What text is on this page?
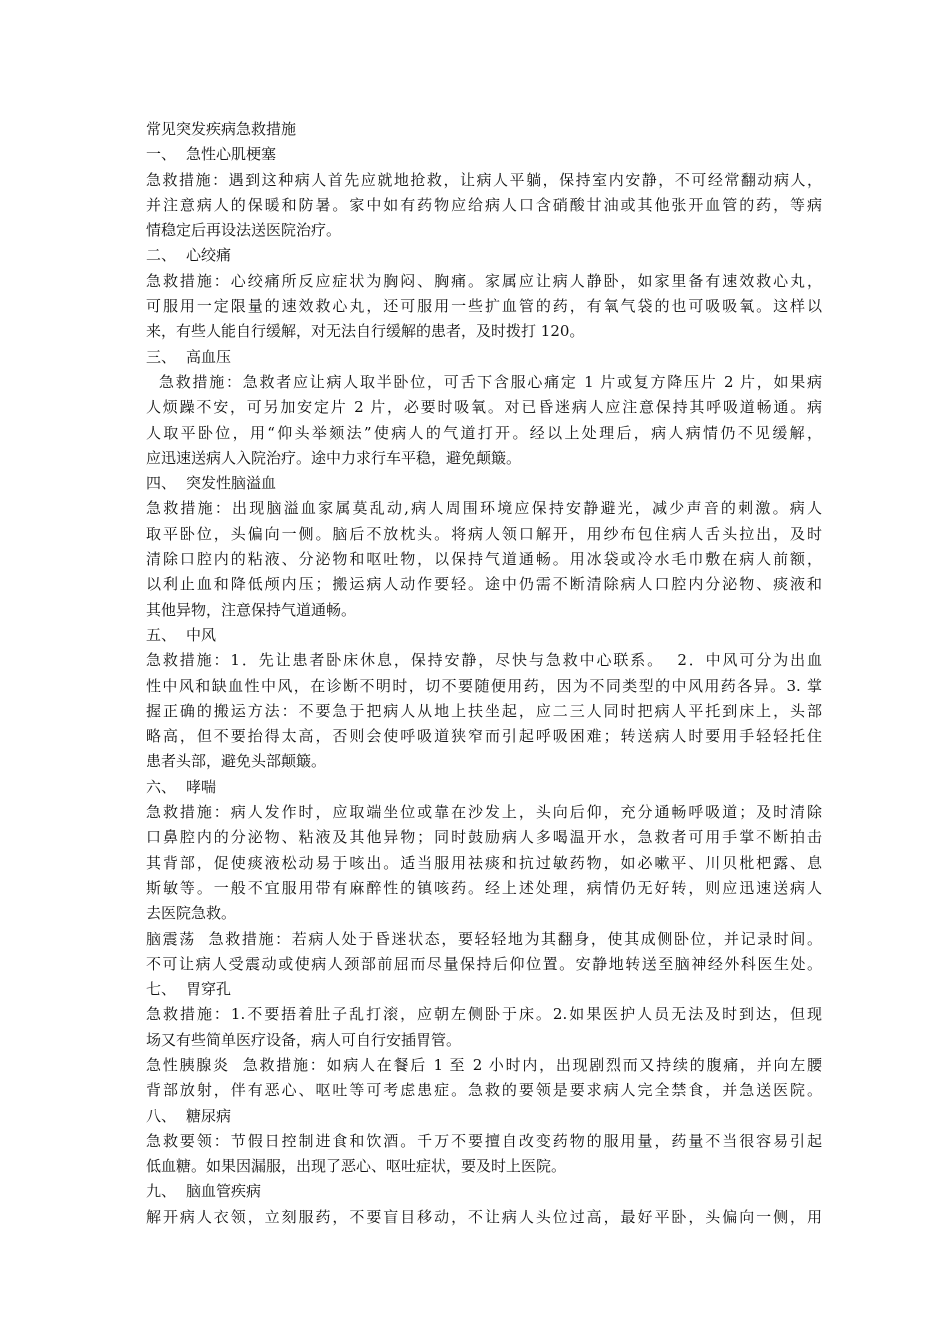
常见突发疾病急救措施
一、 急性心肌梗塞
急救措施：遇到这种病人首先应就地抢救，让病人平躺，保持室内安静，不可经常翻动病人，
并注意病人的保暖和防暑。家中如有药物应给病人口含硝酸甘油或其他张开血管的药，等病
情稳定后再设法送医院治疗。
二、 心绞痛
急救措施：心绞痛所反应症状为胸闷、胸痛。家属应让病人静卧，如家里备有速效救心丸，
可服用一定限量的速效救心丸，还可服用一些扩血管的药，有氧气袋的也可吸吸氧。这样以
来，有些人能自行缓解，对无法自行缓解的患者，及时拨打 120。
三、 高血压
急救措施：急救者应让病人取半卧位，可舌下含服心痛定 1 片或复方降压片 2 片，如果病
人烦躁不安，可另加安定片 2 片，必要时吸氧。对已昏迷病人应注意保持其呼吸道畅通。病
人取平卧位，用“仰头举颏法”使病人的气道打开。经以上处理后，病人病情仍不见缓解，
应迅速送病人入院治疗。途中力求行车平稳，避免颠簸。
四、 突发性脑溢血
急救措施：出现脑溢血家属莫乱动,病人周围环境应保持安静避光，减少声音的刺激。病人
取平卧位，头偏向一侧。脑后不放枕头。将病人领口解开，用纱布包住病人舌头拉出，及时
清除口腔内的粘液、分泌物和呕吐物，以保持气道通畅。用冰袋或冷水毛巾敷在病人前额，
以利止血和降低颅内压；搬运病人动作要轻。途中仍需不断清除病人口腔内分泌物、痰液和
其他异物，注意保持气道通畅。
五、 中风
急救措施：1．先让患者卧床休息，保持安静，尽快与急救中心联系。  2．中风可分为出血
性中风和缺血性中风，在诊断不明时，切不要随便用药，因为不同类型的中风用药各异。3. 掌
握正确的搬运方法：不要急于把病人从地上扶坐起，应二三人同时把病人平托到床上，头部
略高，但不要抬得太高，否则会使呼吸道狭窄而引起呼吸困难；转送病人时要用手轻轻托住
患者头部，避免头部颠簸。
六、 哮喘
急救措施：病人发作时，应取端坐位或靠在沙发上，头向后仰，充分通畅呼吸道；及时清除
口鼻腔内的分泌物、粘液及其他异物；同时鼓励病人多喝温开水，急救者可用手掌不断拍击
其背部，促使痰液松动易于咳出。适当服用祛痰和抗过敏药物，如必嗽平、川贝枇杷露、息
斯敏等。一般不宜服用带有麻醉性的镇咳药。经上述处理，病情仍无好转，则应迅速送病人
去医院急救。
脑震荡  急救措施：若病人处于昏迷状态，要轻轻地为其翻身，使其成侧卧位，并记录时间。
不可让病人受震动或使病人颈部前屈而尽量保持后仰位置。安静地转送至脑神经外科医生处。
七、 胃穿孔
急救措施：1.不要捂着肚子乱打滚，应朝左侧卧于床。2.如果医护人员无法及时到达，但现
场又有些简单医疗设备，病人可自行安插胃管。
急性胰腺炎  急救措施：如病人在餐后 1 至 2 小时内，出现剧烈而又持续的腹痛，并向左腰
背部放射，伴有恶心、呕吐等可考虑患症。急救的要领是要求病人完全禁食，并急送医院。
八、 糖尿病
急救要领：节假日控制进食和饮酒。千万不要擅自改变药物的服用量，药量不当很容易引起
低血糖。如果因漏服，出现了恶心、呕吐症状，要及时上医院。
九、 脑血管疾病
解开病人衣领，立刻服药，不要盲目移动，不让病人头位过高，最好平卧，头偏向一侧，用
